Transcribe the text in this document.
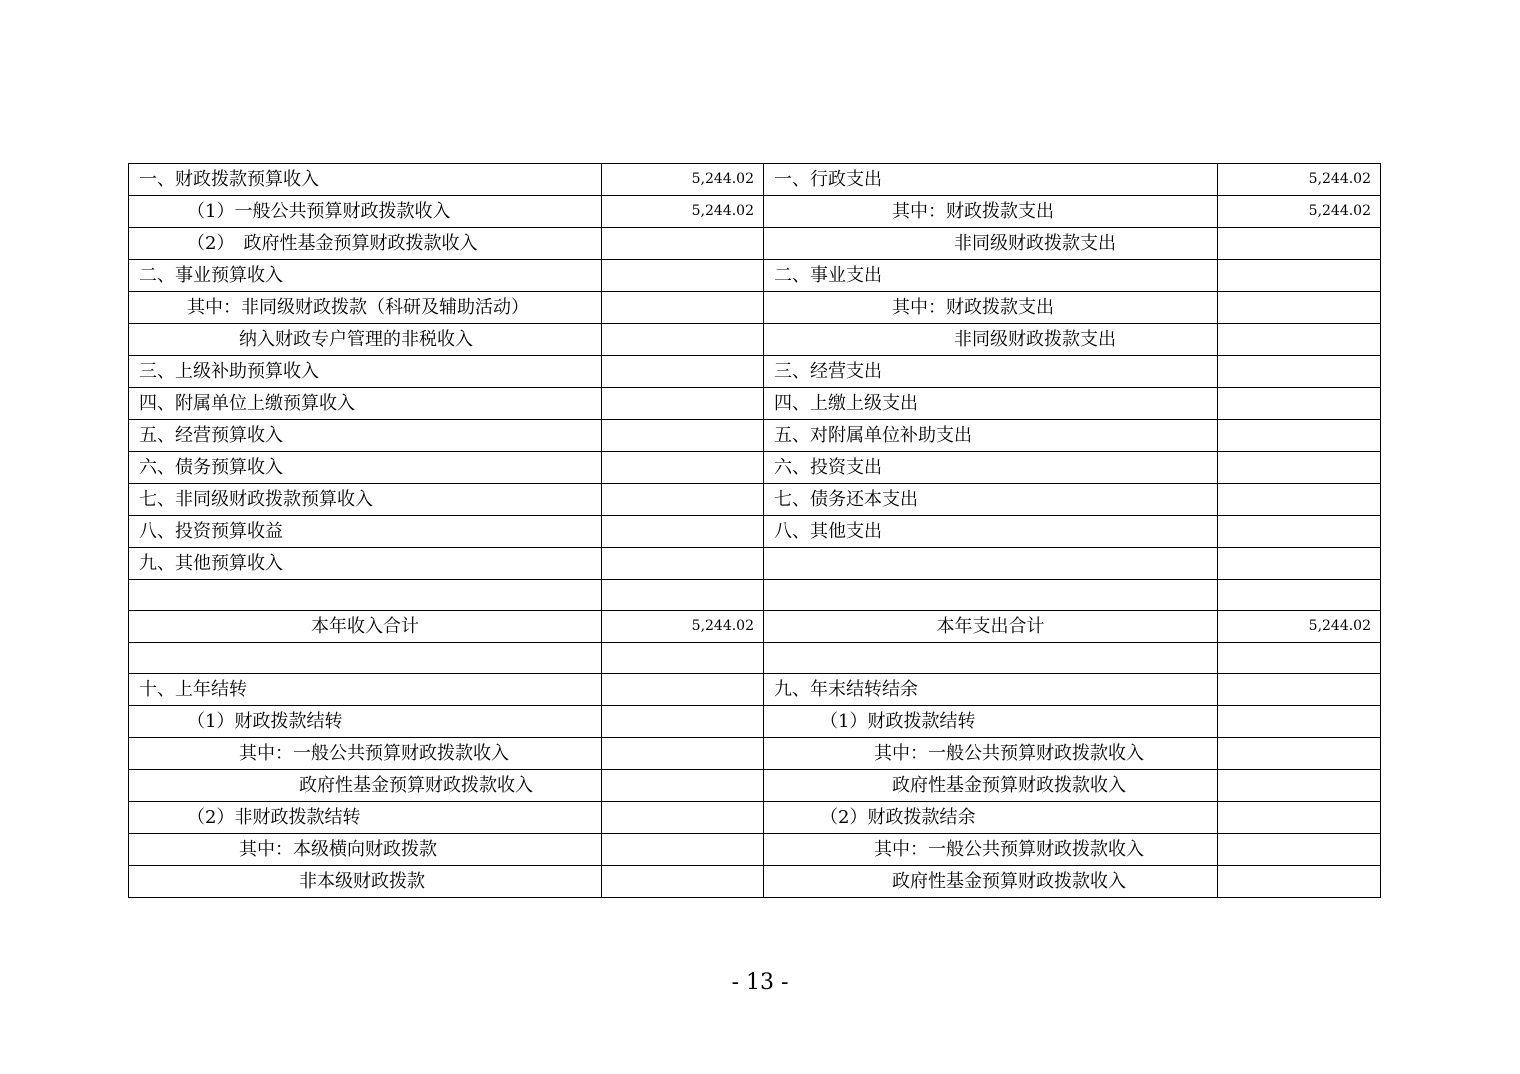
一、财政拨款预算收入	5,244.02	一、行政支出	5,244.02
（1）一般公共预算财政拨款收入	5,244.02	其中：财政拨款支出	5,244.02
（2）　政府性基金预算财政拨款收入		非同级财政拨款支出	
二、事业预算收入		二、事业支出	
其中：非同级财政拨款（科研及辅助活动）		其中：财政拨款支出	
纳入财政专户管理的非税收入		非同级财政拨款支出	
三、上级补助预算收入		三、经营支出	
四、附属单位上缴预算收入		四、上缴上级支出	
五、经营预算收入		五、对附属单位补助支出	
六、债务预算收入		六、投资支出	
七、非同级财政拨款预算收入		七、债务还本支出	
八、投资预算收益		八、其他支出	
九、其他预算收入			

本年收入合计	5,244.02	本年支出合计	5,244.02

十、上年结转		九、年末结转结余	
（1）财政拨款结转		（1）财政拨款结转	
其中：一般公共预算财政拨款收入		其中：一般公共预算财政拨款收入	
政府性基金预算财政拨款收入		政府性基金预算财政拨款收入	
（2）非财政拨款结转		（2）财政拨款结余	
其中：本级横向财政拨款		其中：一般公共预算财政拨款收入	
非本级财政拨款		政府性基金预算财政拨款收入	
- 13 -
